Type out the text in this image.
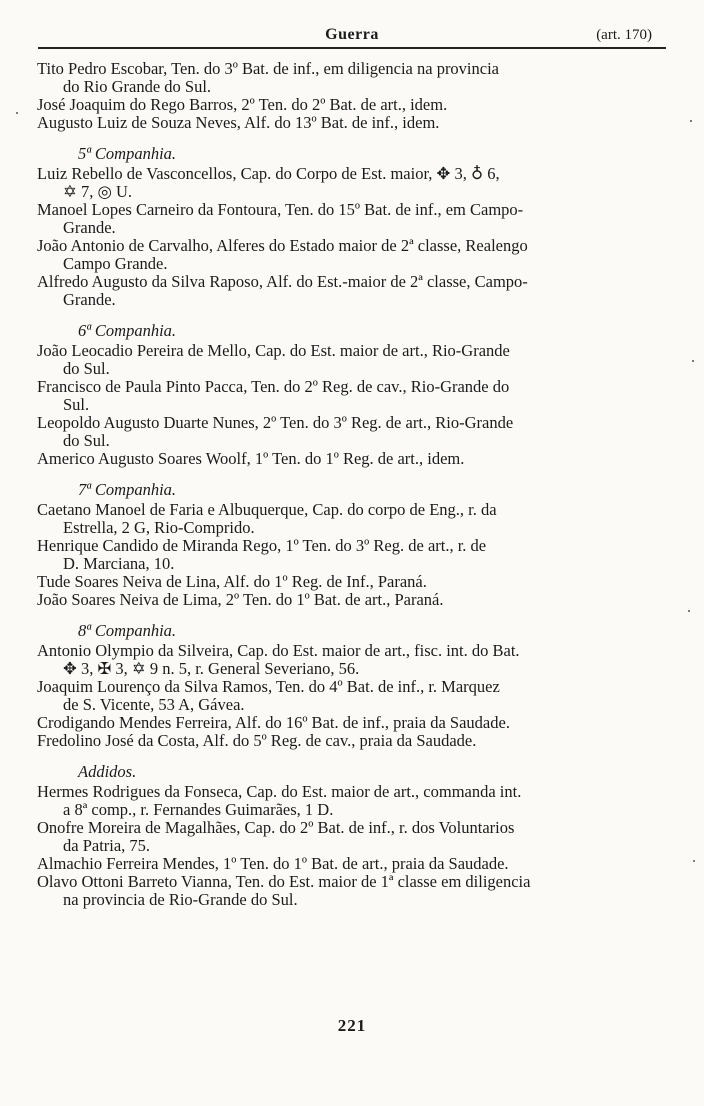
Guerra	(art. 170)

Tito Pedro Escobar, Ten. do 3º Bat. de inf., em diligencia na provincia
do Rio Grande do Sul.

José Joaquim do Rego Barros, 2º Ten. do 2º Bat. de art., idem.

Augusto Luiz de Souza Neves, Alf. do 13º Bat. de inf., idem.

5ª Companhia.

Luiz Rebello de Vasconcellos, Cap. do Corpo de Est. maior, ✥ 3, ♁ 6,
✡ 7, ◎ U.

Manoel Lopes Carneiro da Fontoura, Ten. do 15º Bat. de inf., em Campo-
Grande.

João Antonio de Carvalho, Alferes do Estado maior de 2ª classe, Realengo
Campo Grande.

Alfredo Augusto da Silva Raposo, Alf. do Est.-maior de 2ª classe, Campo-
Grande.

6ª Companhia.

João Leocadio Pereira de Mello, Cap. do Est. maior de art., Rio-Grande
do Sul.

Francisco de Paula Pinto Pacca, Ten. do 2º Reg. de cav., Rio-Grande do
Sul.

Leopoldo Augusto Duarte Nunes, 2º Ten. do 3º Reg. de art., Rio-Grande
do Sul.

Americo Augusto Soares Woolf, 1º Ten. do 1º Reg. de art., idem.

7ª Companhia.

Caetano Manoel de Faria e Albuquerque, Cap. do corpo de Eng., r. da
Estrella, 2 G, Rio-Comprido.

Henrique Candido de Miranda Rego, 1º Ten. do 3º Reg. de art., r. de
D. Marciana, 10.

Tude Soares Neiva de Lina, Alf. do 1º Reg. de Inf., Paraná.

João Soares Neiva de Lima, 2º Ten. do 1º Bat. de art., Paraná.

8ª Companhia.

Antonio Olympio da Silveira, Cap. do Est. maior de art., fisc. int. do Bat.
✥ 3, ✠ 3, ✡ 9 n. 5, r. General Severiano, 56.

Joaquim Lourenço da Silva Ramos, Ten. do 4º Bat. de inf., r. Marquez
de S. Vicente, 53 A, Gávea.

Crodigando Mendes Ferreira, Alf. do 16º Bat. de inf., praia da Saudade.

Fredolino José da Costa, Alf. do 5º Reg. de cav., praia da Saudade.

Addidos.

Hermes Rodrigues da Fonseca, Cap. do Est. maior de art., commanda int.
a 8ª comp., r. Fernandes Guimarães, 1 D.

Onofre Moreira de Magalhães, Cap. do 2º Bat. de inf., r. dos Voluntarios
da Patria, 75.

Almachio Ferreira Mendes, 1º Ten. do 1º Bat. de art., praia da Saudade.

Olavo Ottoni Barreto Vianna, Ten. do Est. maior de 1ª classe em diligencia
na provincia de Rio-Grande do Sul.

221
